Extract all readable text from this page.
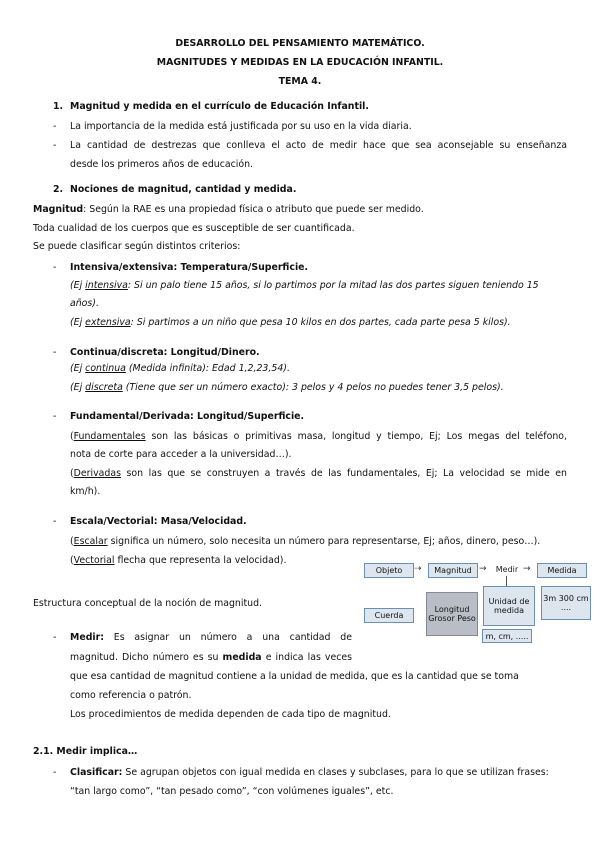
DESARROLLO DEL PENSAMIENTO MATEMÁTICO.
MAGNITUDES Y MEDIDAS EN LA EDUCACIÓN INFANTIL.
TEMA 4.
1. Magnitud y medida en el currículo de Educación Infantil.
- La importancia de la medida está justificada por su uso en la vida diaria.
- La cantidad de destrezas que conlleva el acto de medir hace que sea aconsejable su enseñanza
desde los primeros años de educación.
2. Nociones de magnitud, cantidad y medida.
Magnitud: Según la RAE es una propiedad física o atributo que puede ser medido.
Toda cualidad de los cuerpos que es susceptible de ser cuantificada.
Se puede clasificar según distintos criterios:
- Intensiva/extensiva: Temperatura/Superficie.
(Ej intensiva: Si un palo tiene 15 años, si lo partimos por la mitad las dos partes siguen teniendo 15
años).
(Ej extensiva: Si partimos a un niño que pesa 10 kilos en dos partes, cada parte pesa 5 kilos).
- Continua/discreta: Longitud/Dinero.
(Ej continua (Medida infinita): Edad 1,2,23,54).
(Ej discreta (Tiene que ser un número exacto): 3 pelos y 4 pelos no puedes tener 3,5 pelos).
- Fundamental/Derivada: Longitud/Superficie.
(Fundamentales son las básicas o primitivas masa, longitud y tiempo, Ej; Los megas del teléfono,
nota de corte para acceder a la universidad…).
(Derivadas son las que se construyen a través de las fundamentales, Ej; La velocidad se mide en
km/h).
- Escala/Vectorial: Masa/Velocidad.
(Escalar significa un número, solo necesita un número para representarse, Ej; años, dinero, peso…).
(Vectorial flecha que representa la velocidad).
Objeto ⇢ Magnitud →	Medir → Medida
Unidad de medida
3m 300 cm ....
Cuerda
Longitud Grosor Peso
m, cm, .....
Estructura conceptual de la noción de magnitud.
- Medir: Es asignar un número a una cantidad de
magnitud. Dicho número es su medida e indica las veces
que esa cantidad de magnitud contiene a la unidad de medida, que es la cantidad que se toma
como referencia o patrón.
Los procedimientos de medida dependen de cada tipo de magnitud.
2.1. Medir implica…
- Clasificar: Se agrupan objetos con igual medida en clases y subclases, para lo que se utilizan frases:
“tan largo como”, “tan pesado como”, “con volúmenes iguales”, etc.
